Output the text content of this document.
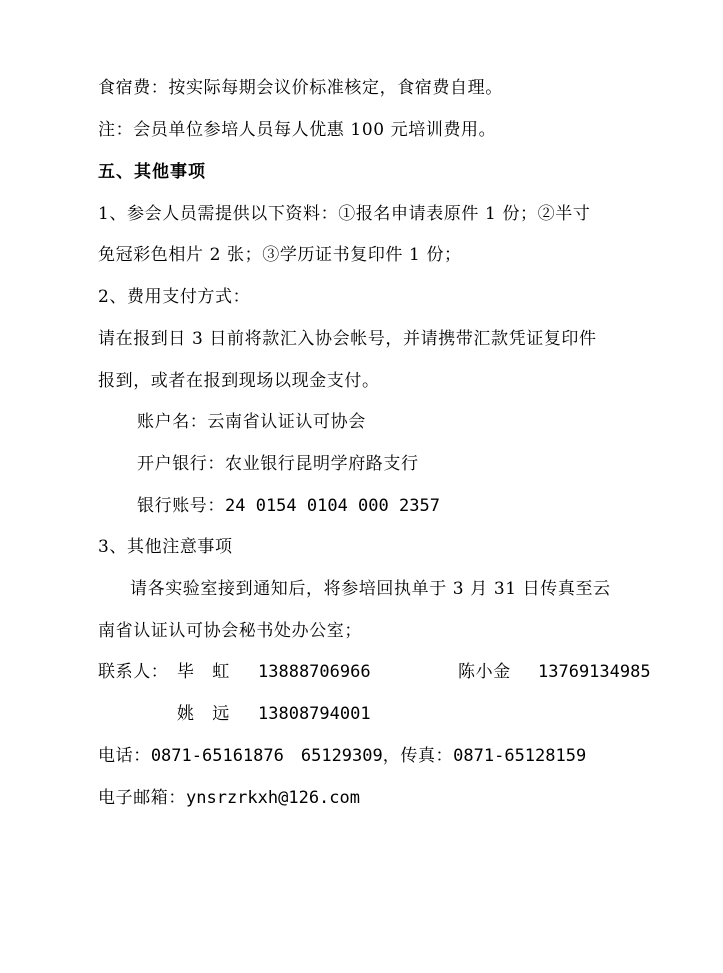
食宿费：按实际每期会议价标准核定，食宿费自理。
注：会员单位参培人员每人优惠 100 元培训费用。
五、其他事项
1、参会人员需提供以下资料：①报名申请表原件 1 份；②半寸
免冠彩色相片 2 张；③学历证书复印件 1 份；
2、费用支付方式：
请在报到日 3 日前将款汇入协会帐号，并请携带汇款凭证复印件
报到，或者在报到现场以现金支付。
账户名：云南省认证认可协会
开户银行：农业银行昆明学府路支行
银行账号：24 0154 0104 000 2357
3、其他注意事项
请各实验室接到通知后，将参培回执单于 3 月 31 日传真至云
南省认证认可协会秘书处办公室；
联系人： 毕　虹 13888706966	陈小金 13769134985
姚　远 13808794001
电话：0871-65161876　65129309，传真：0871-65128159
电子邮箱：ynsrzrkxh@126.com
